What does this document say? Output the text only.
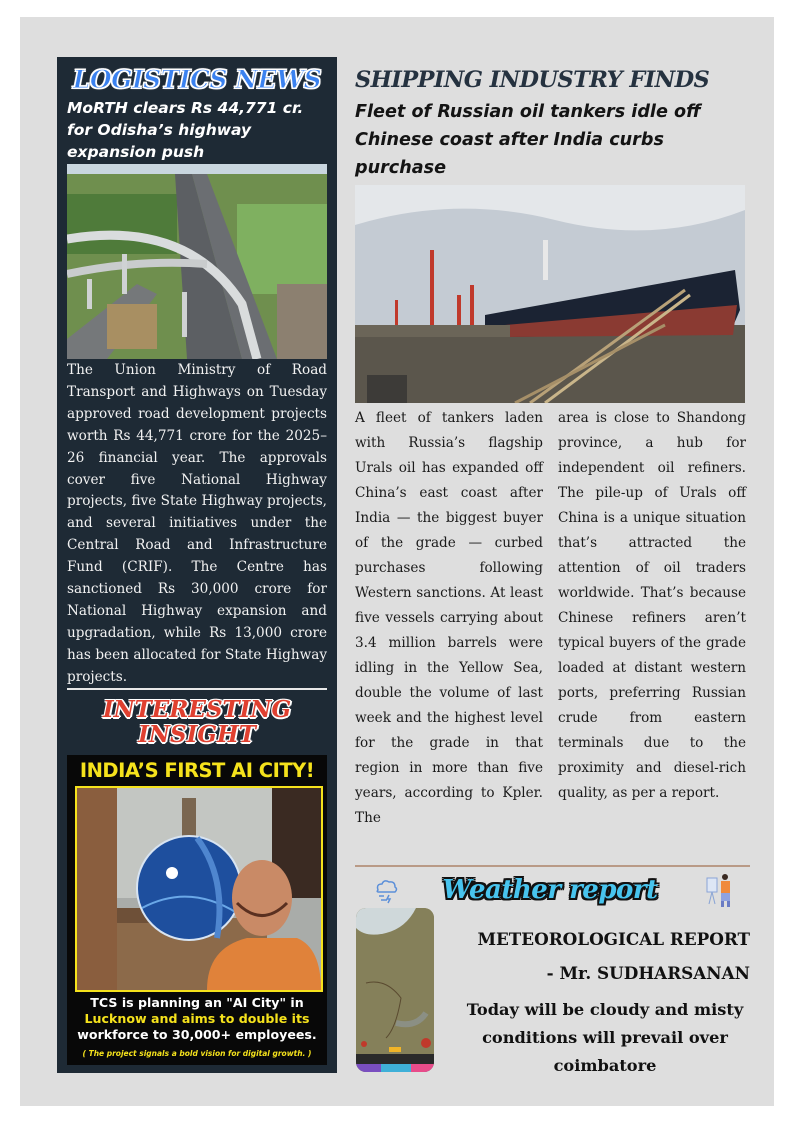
LOGISTICS NEWS
MoRTH clears Rs 44,771 cr. for Odisha’s highway expansion push
The Union Ministry of Road Transport and Highways on Tuesday approved road development projects worth Rs 44,771 crore for the 2025–26 financial year. The approvals cover five National Highway projects, five State Highway projects, and several initiatives under the Central Road and Infrastructure Fund (CRIF). The Centre has sanctioned Rs 30,000 crore for National Highway expansion and upgradation, while Rs 13,000 crore has been allocated for State Highway projects.
INTERESTING
INSIGHT
INDIA’S FIRST AI CITY!
TCS is planning an "AI City" in
Lucknow and aims to double its
workforce to 30,000+ employees.
( The project signals a bold vision for digital growth. )
SHIPPING INDUSTRY FINDS
Fleet of Russian oil tankers idle off Chinese coast after India curbs purchase
A fleet of tankers laden with Russia’s flagship Urals oil has expanded off China’s east coast after India — the biggest buyer of the grade — curbed purchases following Western sanctions. At least five vessels carrying about 3.4 million barrels were idling in the Yellow Sea, double the volume of last week and the highest level for the grade in that region in more than five years, according to Kpler. The
area is close to Shandong province, a hub for independent oil refiners. The pile-up of Urals off China is a unique situation that’s attracted the attention of oil traders worldwide. That’s because Chinese refiners aren’t typical buyers of the grade loaded at distant western ports, preferring Russian crude from eastern terminals due to the proximity and diesel-rich quality, as per a report.
Weather report
METEOROLOGICAL REPORT
- Mr. SUDHARSANAN
Today will be cloudy and misty conditions will prevail over coimbatore
